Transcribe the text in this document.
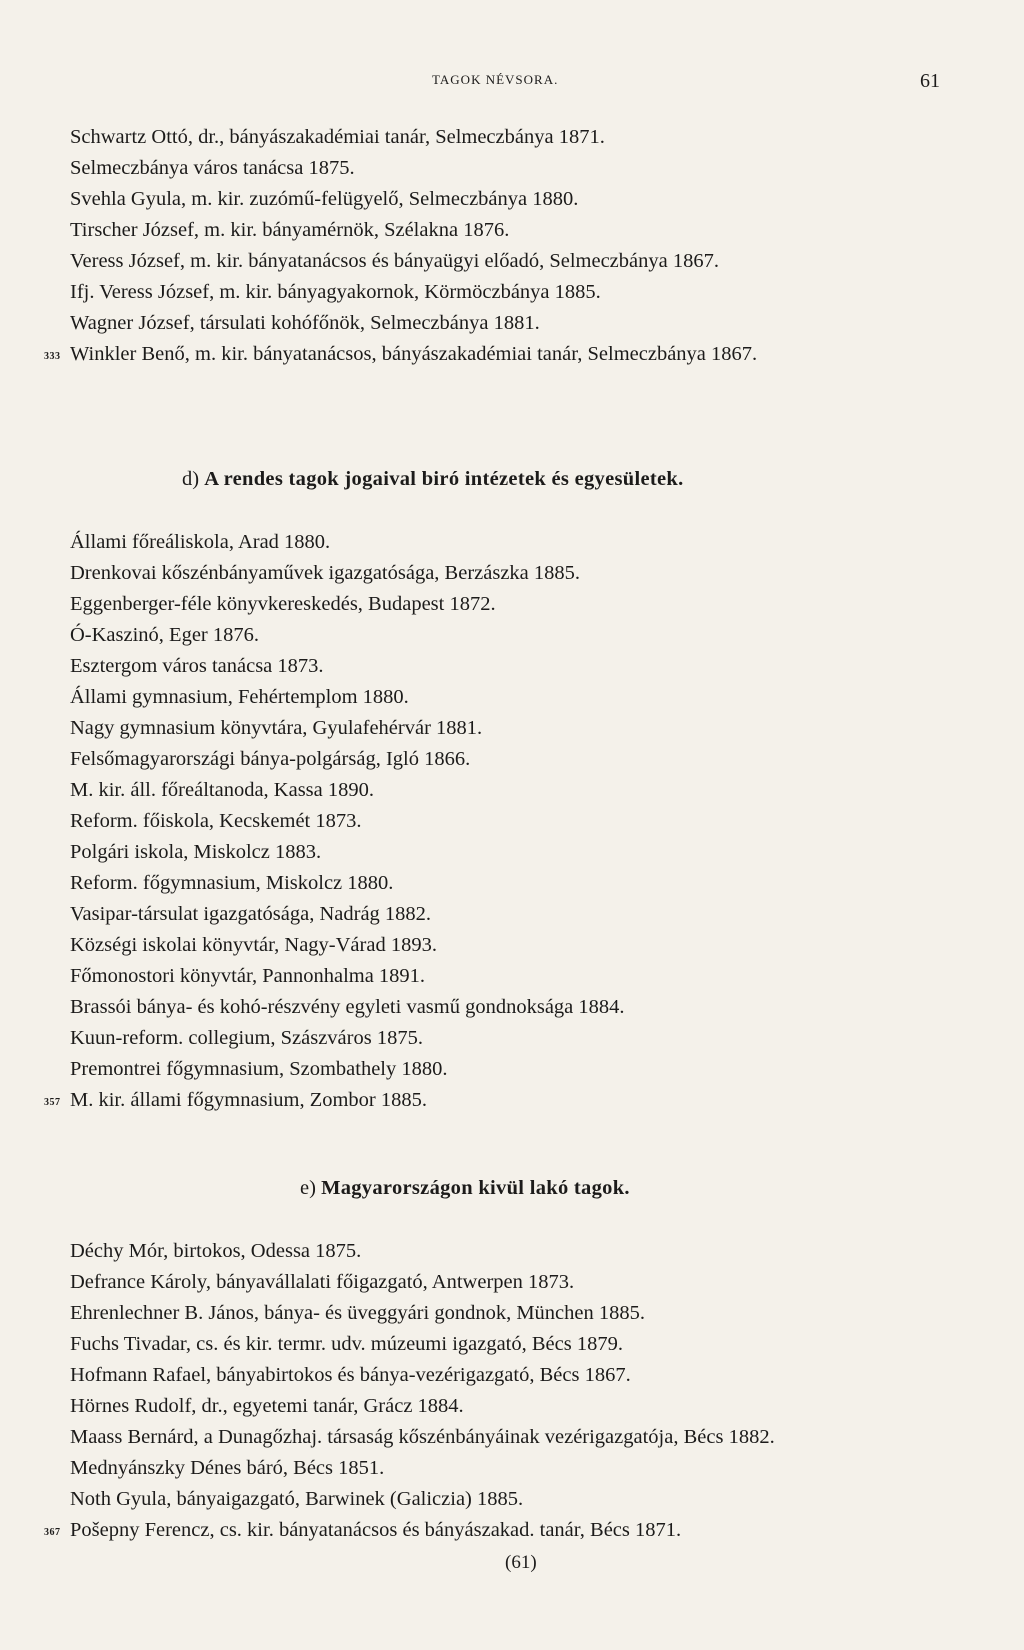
TAGOK NÉVSORA.	61
Schwartz Ottó, dr., bányászakadémiai tanár, Selmeczbánya 1871.
Selmeczbánya város tanácsa 1875.
Svehla Gyula, m. kir. zuzómű-felügyelő, Selmeczbánya 1880.
Tirscher József, m. kir. bányamérnök, Szélakna 1876.
Veress József, m. kir. bányatanácsos és bányaügyi előadó, Selmeczbánya 1867.
Ifj. Veress József, m. kir. bányagyakornok, Körmöczbánya 1885.
Wagner József, társulati kohófőnök, Selmeczbánya 1881.
333 Winkler Benő, m. kir. bányatanácsos, bányászakadémiai tanár, Selmeczbánya 1867.
d) A rendes tagok jogaival biró intézetek és egyesületek.
Állami főreáliskola, Arad 1880.
Drenkovai kőszénbányaművek igazgatósága, Berzászka 1885.
Eggenberger-féle könyvkereskedés, Budapest 1872.
Ó-Kaszinó, Eger 1876.
Esztergom város tanácsa 1873.
Állami gymnasium, Fehértemplom 1880.
Nagy gymnasium könyvtára, Gyulafehérvár 1881.
Felsőmagyarországi bánya-polgárság, Igló 1866.
M. kir. áll. főreáltanoda, Kassa 1890.
Reform. főiskola, Kecskemét 1873.
Polgári iskola, Miskolcz 1883.
Reform. főgymnasium, Miskolcz 1880.
Vasipar-társulat igazgatósága, Nadrág 1882.
Községi iskolai könyvtár, Nagy-Várad 1893.
Főmonostori könyvtár, Pannonhalma 1891.
Brassói bánya- és kohó-részvény egyleti vasmű gondnoksága 1884.
Kuun-reform. collegium, Szászváros 1875.
Premontrei főgymnasium, Szombathely 1880.
357 M. kir. állami főgymnasium, Zombor 1885.
e) Magyarországon kivül lakó tagok.
Déchy Mór, birtokos, Odessa 1875.
Defrance Károly, bányavállalati főigazgató, Antwerpen 1873.
Ehrenlechner B. János, bánya- és üveggyári gondnok, München 1885.
Fuchs Tivadar, cs. és kir. termr. udv. múzeumi igazgató, Bécs 1879.
Hofmann Rafael, bányabirtokos és bánya-vezérigazgató, Bécs 1867.
Hörnes Rudolf, dr., egyetemi tanár, Grácz 1884.
Maass Bernárd, a Dunagőzhaj. társaság kőszénbányáinak vezérigazgatója, Bécs 1882.
Mednyánszky Dénes báró, Bécs 1851.
Noth Gyula, bányaigazgató, Barwinek (Galiczia) 1885.
367 Pošepny Ferencz, cs. kir. bányatanácsos és bányászakad. tanár, Bécs 1871.
(61)
